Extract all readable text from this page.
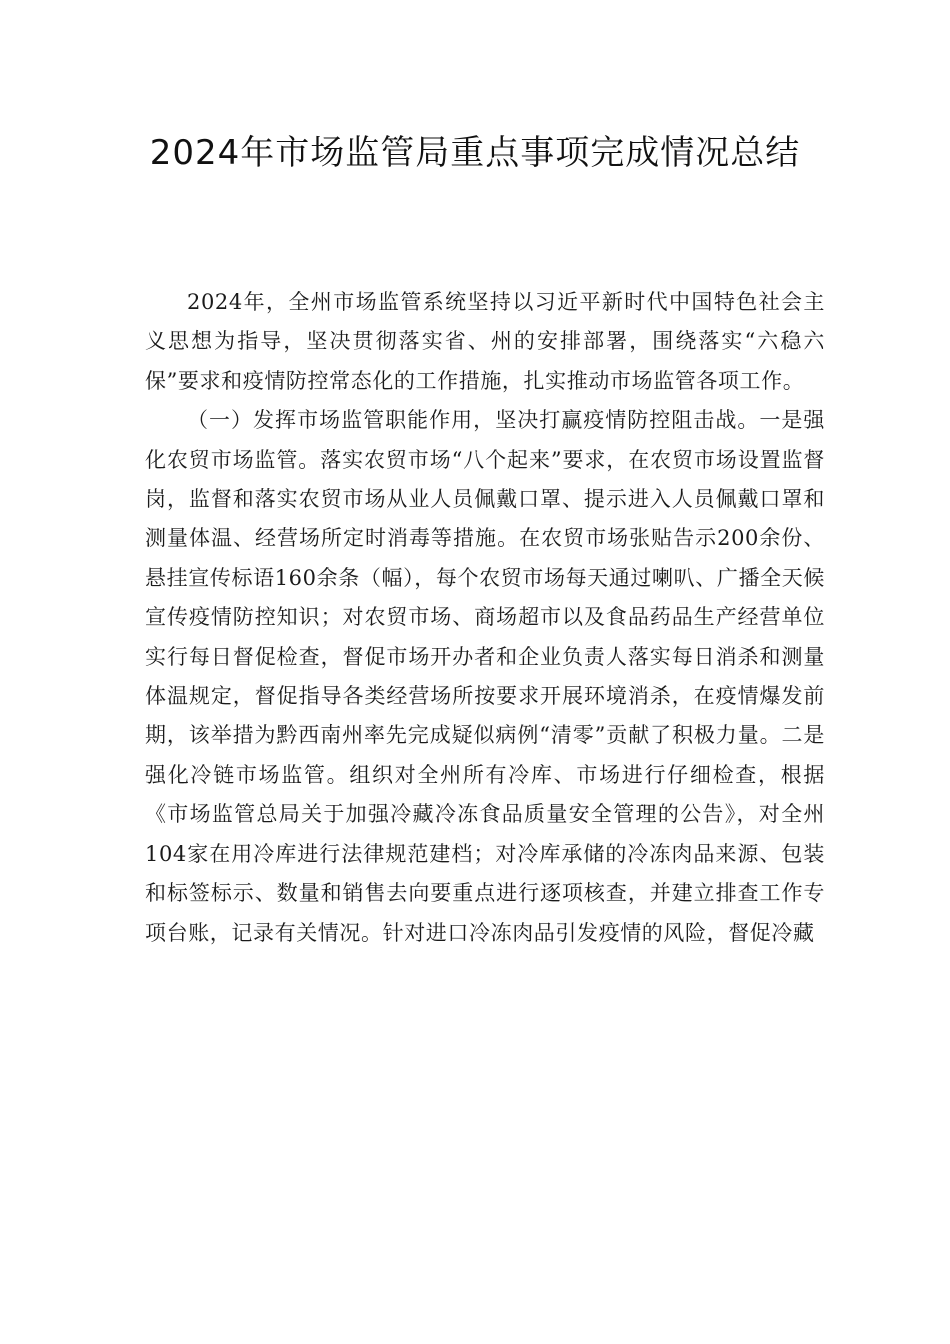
2024年市场监管局重点事项完成情况总结

2024年，全州市场监管系统坚持以习近平新时代中国特色社会主义思想为指导，坚决贯彻落实省、州的安排部署，围绕落实“六稳六保”要求和疫情防控常态化的工作措施，扎实推动市场监管各项工作。

（一）发挥市场监管职能作用，坚决打赢疫情防控阻击战。一是强化农贸市场监管。落实农贸市场“八个起来”要求，在农贸市场设置监督岗，监督和落实农贸市场从业人员佩戴口罩、提示进入人员佩戴口罩和测量体温、经营场所定时消毒等措施。在农贸市场张贴告示200余份、悬挂宣传标语160余条（幅），每个农贸市场每天通过喇叭、广播全天候宣传疫情防控知识；对农贸市场、商场超市以及食品药品生产经营单位实行每日督促检查，督促市场开办者和企业负责人落实每日消杀和测量体温规定，督促指导各类经营场所按要求开展环境消杀，在疫情爆发前期，该举措为黔西南州率先完成疑似病例“清零”贡献了积极力量。二是强化冷链市场监管。组织对全州所有冷库、市场进行仔细检查，根据《市场监管总局关于加强冷藏冷冻食品质量安全管理的公告》，对全州104家在用冷库进行法律规范建档；对冷库承储的冷冻肉品来源、包装和标签标示、数量和销售去向要重点进行逐项核查，并建立排查工作专项台账，记录有关情况。针对进口冷冻肉品引发疫情的风险，督促冷藏
